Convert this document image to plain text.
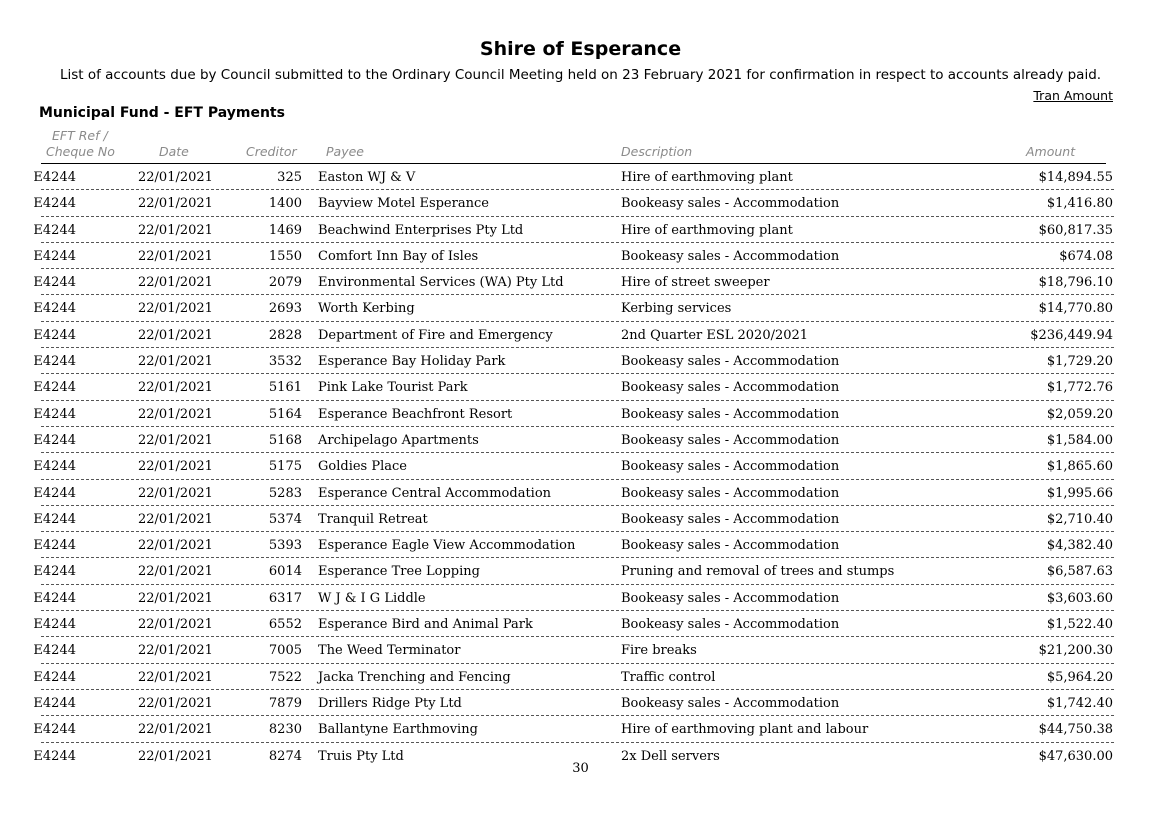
Shire of Esperance
List of accounts due by Council submitted to the Ordinary Council Meeting held on 23 February 2021 for confirmation in respect to accounts already paid.
Tran Amount
Municipal Fund - EFT Payments
EFT Ref /
Cheque No	Date	Creditor Payee	Description	Amount
E4244	22/01/2021	325 Easton WJ & V	Hire of earthmoving plant	$14,894.55
E4244	22/01/2021	1400 Bayview Motel Esperance	Bookeasy sales - Accommodation	$1,416.80
E4244	22/01/2021	1469 Beachwind Enterprises Pty Ltd	Hire of earthmoving plant	$60,817.35
E4244	22/01/2021	1550 Comfort Inn Bay of Isles	Bookeasy sales - Accommodation	$674.08
E4244	22/01/2021	2079 Environmental Services (WA) Pty Ltd	Hire of street sweeper	$18,796.10
E4244	22/01/2021	2693 Worth Kerbing	Kerbing services	$14,770.80
E4244	22/01/2021	2828 Department of Fire and Emergency	2nd Quarter ESL 2020/2021	$236,449.94
E4244	22/01/2021	3532 Esperance Bay Holiday Park	Bookeasy sales - Accommodation	$1,729.20
E4244	22/01/2021	5161 Pink Lake Tourist Park	Bookeasy sales - Accommodation	$1,772.76
E4244	22/01/2021	5164 Esperance Beachfront Resort	Bookeasy sales - Accommodation	$2,059.20
E4244	22/01/2021	5168 Archipelago Apartments	Bookeasy sales - Accommodation	$1,584.00
E4244	22/01/2021	5175 Goldies Place	Bookeasy sales - Accommodation	$1,865.60
E4244	22/01/2021	5283 Esperance Central Accommodation	Bookeasy sales - Accommodation	$1,995.66
E4244	22/01/2021	5374 Tranquil Retreat	Bookeasy sales - Accommodation	$2,710.40
E4244	22/01/2021	5393 Esperance Eagle View Accommodation	Bookeasy sales - Accommodation	$4,382.40
E4244	22/01/2021	6014 Esperance Tree Lopping	Pruning and removal of trees and stumps	$6,587.63
E4244	22/01/2021	6317 W J & I G Liddle	Bookeasy sales - Accommodation	$3,603.60
E4244	22/01/2021	6552 Esperance Bird and Animal Park	Bookeasy sales - Accommodation	$1,522.40
E4244	22/01/2021	7005 The Weed Terminator	Fire breaks	$21,200.30
E4244	22/01/2021	7522 Jacka Trenching and Fencing	Traffic control	$5,964.20
E4244	22/01/2021	7879 Drillers Ridge Pty Ltd	Bookeasy sales - Accommodation	$1,742.40
E4244	22/01/2021	8230 Ballantyne Earthmoving	Hire of earthmoving plant and labour	$44,750.38
E4244	22/01/2021	8274 Truis Pty Ltd	2x Dell servers	$47,630.00
30
